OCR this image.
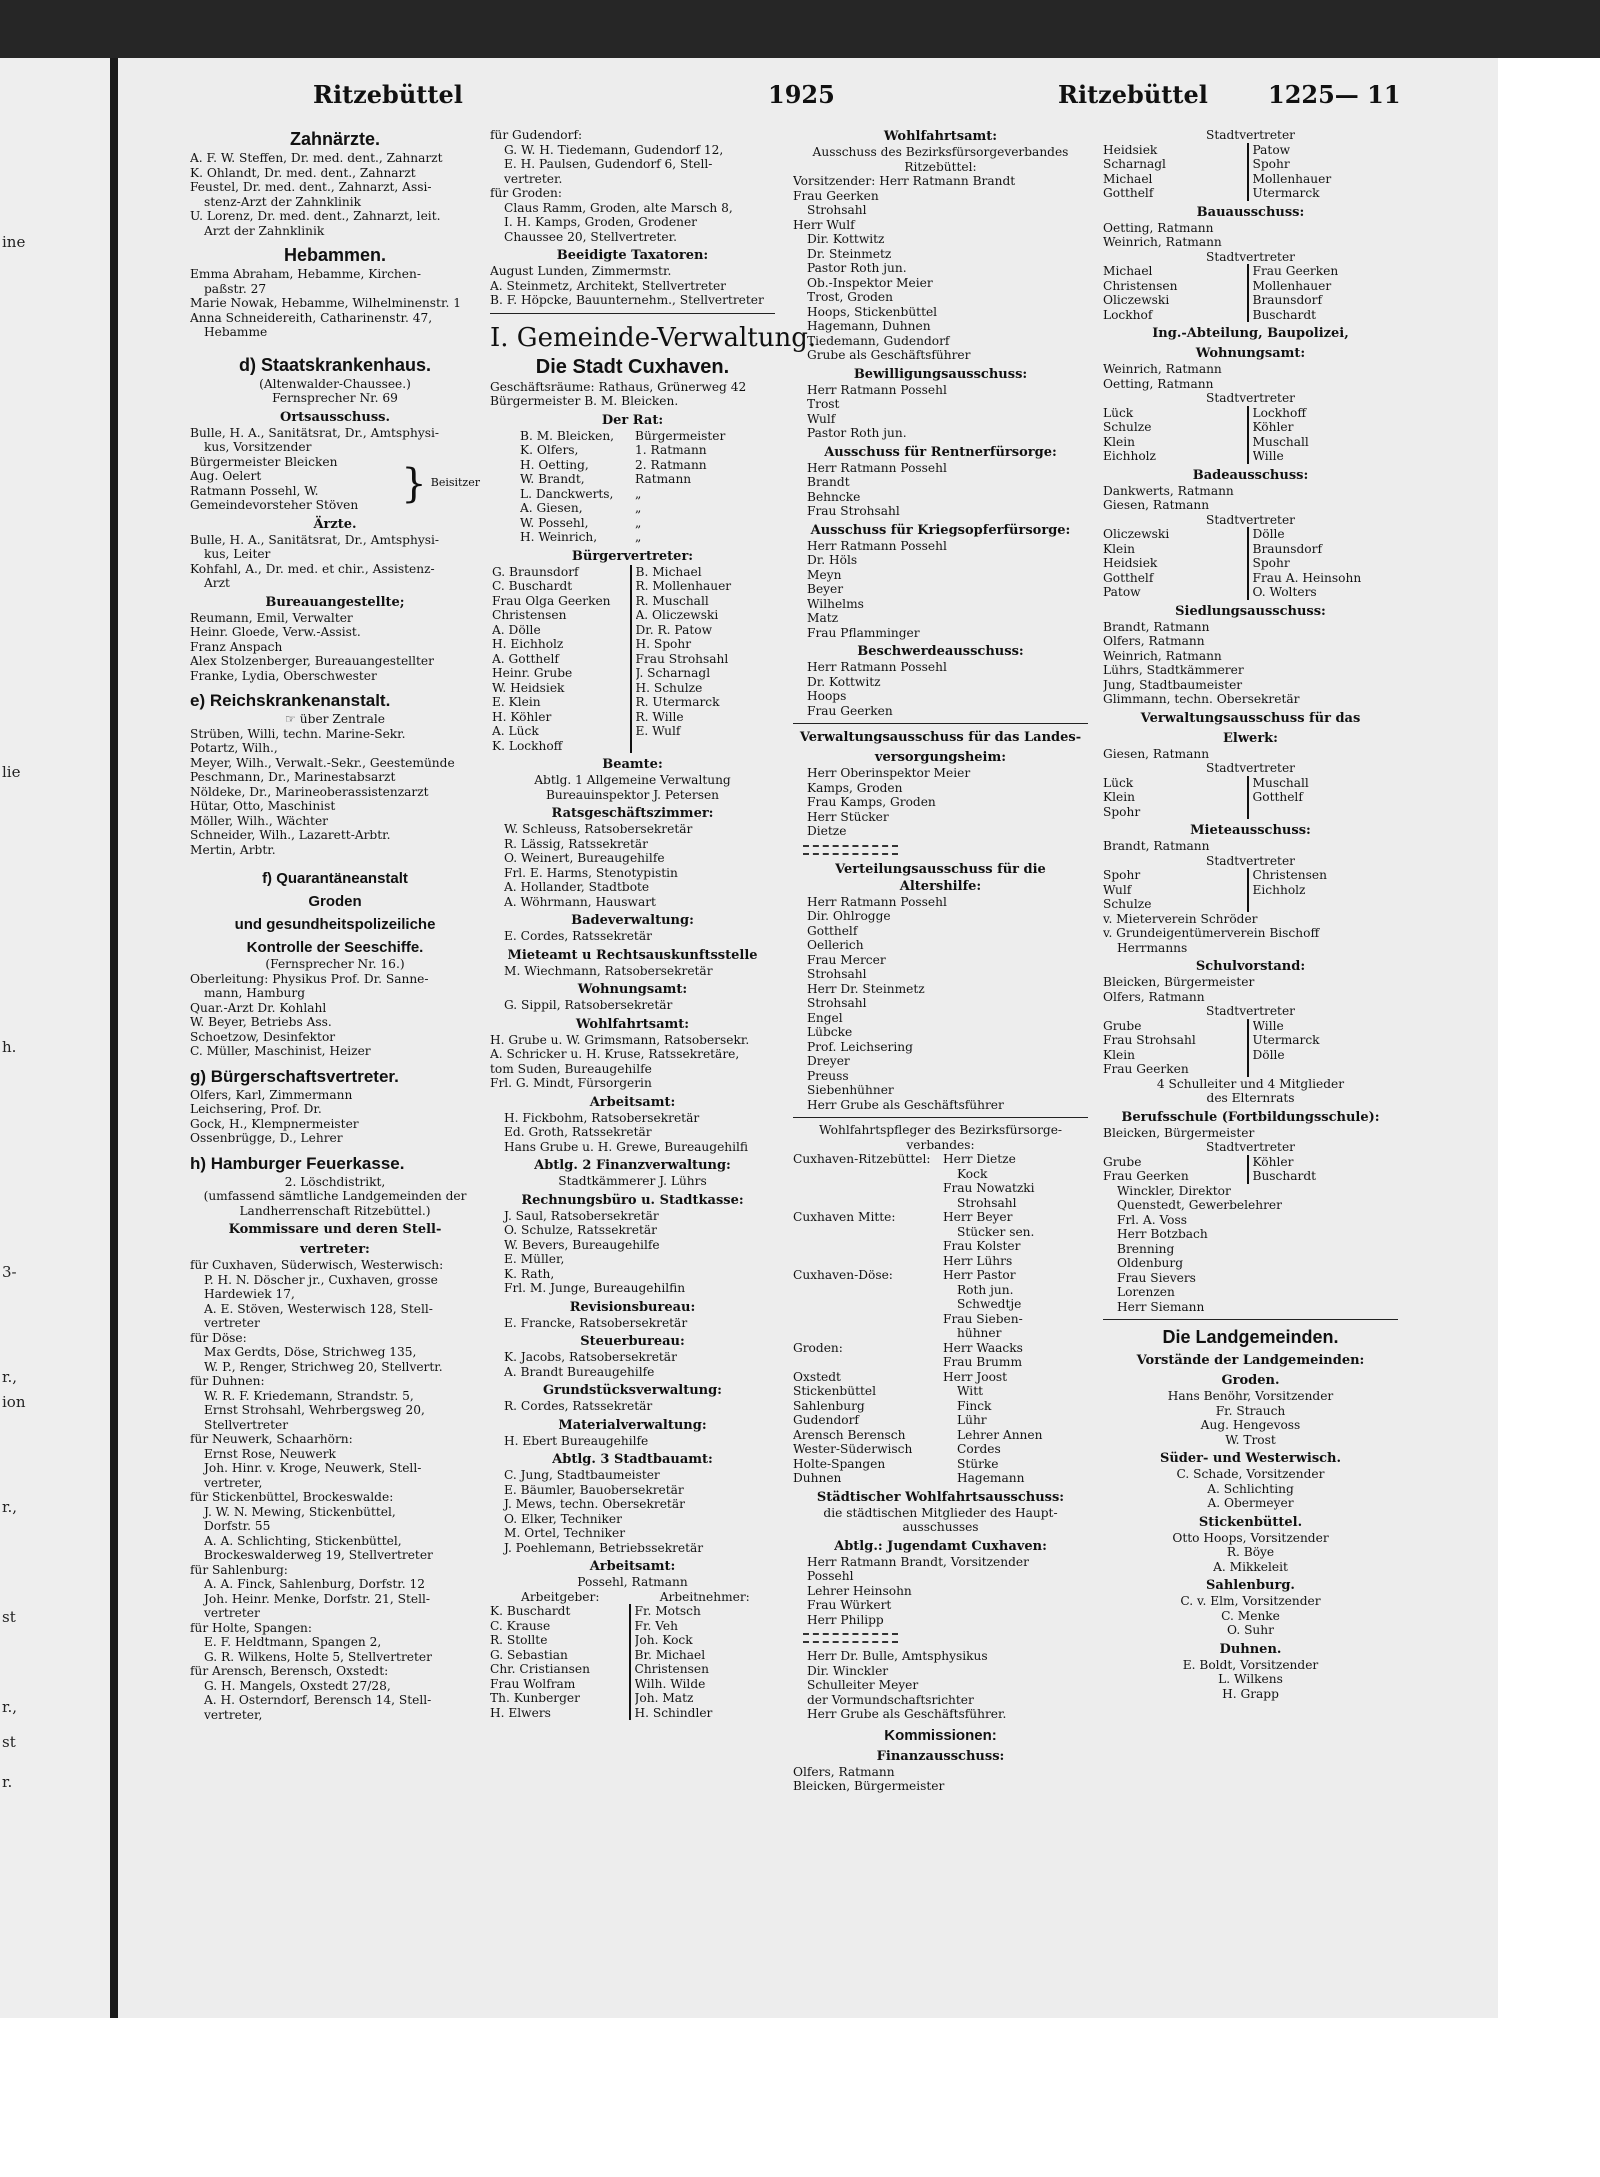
ine
lie
h.
3-
r.,
ion
r.,
st
r.,
st
r.
Ritzebüttel	1925	Ritzebüttel	1225— 11
Zahnärzte.
A. F. W. Steffen, Dr. med. dent., Zahnarzt
K. Ohlandt, Dr. med. dent., Zahnarzt
Feustel, Dr. med. dent., Zahnarzt, Assi-
stenz-Arzt der Zahnklinik
U. Lorenz, Dr. med. dent., Zahnarzt, leit.
Arzt der Zahnklinik
Hebammen.
Emma Abraham, Hebamme, Kirchen-
paßstr. 27
Marie Nowak, Hebamme, Wilhelminenstr. 1
Anna Schneidereith, Catharinenstr. 47,
Hebamme
d) Staatskrankenhaus.
(Altenwalder-Chaussee.)
Fernsprecher Nr. 69
Ortsausschuss.
Bulle, H. A., Sanitätsrat, Dr., Amtsphysi-
kus, Vorsitzender
Bürgermeister Bleicken
Aug. Oelert
Ratmann Possehl, W.
Gemeindevorsteher Stöven	} Beisitzer
Ärzte.
Bulle, H. A., Sanitätsrat, Dr., Amtsphysi-
kus, Leiter
Kohfahl, A., Dr. med. et chir., Assistenz-
Arzt
Bureauangestellte;
Reumann, Emil, Verwalter
Heinr. Gloede, Verw.-Assist.
Franz Anspach
Alex Stolzenberger, Bureauangestellter
Franke, Lydia, Oberschwester
e) Reichskrankenanstalt.
☞ über Zentrale
Strüben, Willi, techn. Marine-Sekr.
Potartz, Wilh.,
Meyer, Wilh., Verwalt.-Sekr., Geestemünde
Peschmann, Dr., Marinestabsarzt
Nöldeke, Dr., Marineoberassistenzarzt
Hütar, Otto, Maschinist
Möller, Wilh., Wächter
Schneider, Wilh., Lazarett-Arbtr.
Mertin, Arbtr.
f) Quarantäneanstalt
Groden
und gesundheitspolizeiliche
Kontrolle der Seeschiffe.
(Fernsprecher Nr. 16.)
Oberleitung: Physikus Prof. Dr. Sanne-
mann, Hamburg
Quar.-Arzt Dr. Kohlahl
W. Beyer, Betriebs Ass.
Schoetzow, Desinfektor
C. Müller, Maschinist, Heizer
g) Bürgerschaftsvertreter.
Olfers, Karl, Zimmermann
Leichsering, Prof. Dr.
Gock, H., Klempnermeister
Ossenbrügge, D., Lehrer
h) Hamburger Feuerkasse.
2. Löschdistrikt,
(umfassend sämtliche Landgemeinden der
Landherrenschaft Ritzebüttel.)
Kommissare und deren Stell-
vertreter:
für Cuxhaven, Süderwisch, Westerwisch:
P. H. N. Döscher jr., Cuxhaven, grosse
Hardewiek 17,
A. E. Stöven, Westerwisch 128, Stell-
vertreter
für Döse:
Max Gerdts, Döse, Strichweg 135,
W. P., Renger, Strichweg 20, Stellvertr.
für Duhnen:
W. R. F. Kriedemann, Strandstr. 5,
Ernst Strohsahl, Wehrbergsweg 20,
Stellvertreter
für Neuwerk, Schaarhörn:
Ernst Rose, Neuwerk
Joh. Hinr. v. Kroge, Neuwerk, Stell-
vertreter,
für Stickenbüttel, Brockeswalde:
J. W. N. Mewing, Stickenbüttel,
Dorfstr. 55
A. A. Schlichting, Stickenbüttel,
Brockeswalderweg 19, Stellvertreter
für Sahlenburg:
A. A. Finck, Sahlenburg, Dorfstr. 12
Joh. Heinr. Menke, Dorfstr. 21, Stell-
vertreter
für Holte, Spangen:
E. F. Heldtmann, Spangen 2,
G. R. Wilkens, Holte 5, Stellvertreter
für Arensch, Berensch, Oxstedt:
G. H. Mangels, Oxstedt 27/28,
A. H. Osterndorf, Berensch 14, Stell-
vertreter,
für Gudendorf:
G. W. H. Tiedemann, Gudendorf 12,
E. H. Paulsen, Gudendorf 6, Stell-
vertreter.
für Groden:
Claus Ramm, Groden, alte Marsch 8,
I. H. Kamps, Groden, Grodener
Chaussee 20, Stellvertreter.
Beeidigte Taxatoren:
August Lunden, Zimmermstr.
A. Steinmetz, Architekt, Stellvertreter
B. F. Höpcke, Bauunternehm., Stellvertreter
I. Gemeinde-Verwaltung.
Die Stadt Cuxhaven.
Geschäftsräume: Rathaus, Grünerweg 42
Bürgermeister B. M. Bleicken.
Der Rat:
B. M. Bleicken,	Bürgermeister
K. Olfers,	1. Ratmann
H. Oetting,	2. Ratmann
W. Brandt,	Ratmann
L. Danckwerts,	„
A. Giesen,	„
W. Possehl,	„
H. Weinrich,	„
Bürgervertreter:
G. Braunsdorf	B. Michael
C. Buschardt	R. Mollenhauer
Frau Olga Geerken	R. Muschall
Christensen	A. Oliczewski
A. Dölle	Dr. R. Patow
H. Eichholz	H. Spohr
A. Gotthelf	Frau Strohsahl
Heinr. Grube	J. Scharnagl
W. Heidsiek	H. Schulze
E. Klein	R. Utermarck
H. Köhler	R. Wille
A. Lück	E. Wulf
K. Lockhoff
Beamte:
Abtlg. 1 Allgemeine Verwaltung
Bureauinspektor J. Petersen
Ratsgeschäftszimmer:
W. Schleuss, Ratsobersekretär
R. Lässig, Ratssekretär
O. Weinert, Bureaugehilfe
Frl. E. Harms, Stenotypistin
A. Hollander, Stadtbote
A. Wöhrmann, Hauswart
Badeverwaltung:
E. Cordes, Ratssekretär
Mieteamt u Rechtsauskunftsstelle
M. Wiechmann, Ratsobersekretär
Wohnungsamt:
G. Sippil, Ratsobersekretär
Wohlfahrtsamt:
H. Grube u. W. Grimsmann, Ratsobersekr.
A. Schricker u. H. Kruse, Ratssekretäre,
tom Suden, Bureaugehilfe
Frl. G. Mindt, Fürsorgerin
Arbeitsamt:
H. Fickbohm, Ratsobersekretär
Ed. Groth, Ratssekretär
Hans Grube u. H. Grewe, Bureaugehilfi
Abtlg. 2 Finanzverwaltung:
Stadtkämmerer J. Lührs
Rechnungsbüro u. Stadtkasse:
J. Saul, Ratsobersekretär
O. Schulze, Ratssekretär
W. Bevers, Bureaugehilfe
E. Müller,
K. Rath,
Frl. M. Junge, Bureaugehilfin
Revisionsbureau:
E. Francke, Ratsobersekretär
Steuerbureau:
K. Jacobs, Ratsobersekretär
A. Brandt Bureaugehilfe
Grundstücksverwaltung:
R. Cordes, Ratssekretär
Materialverwaltung:
H. Ebert Bureaugehilfe
Abtlg. 3 Stadtbauamt:
C. Jung, Stadtbaumeister
E. Bäumler, Bauobersekretär
J. Mews, techn. Obersekretär
O. Elker, Techniker
M. Ortel, Techniker
J. Poehlemann, Betriebssekretär
Arbeitsamt:
Possehl, Ratmann
Arbeitgeber:	Arbeitnehmer:
K. Buschardt	Fr. Motsch
C. Krause	Fr. Veh
R. Stollte	Joh. Kock
G. Sebastian	Br. Michael
Chr. Cristiansen	Christensen
Frau Wolfram	Wilh. Wilde
Th. Kunberger	Joh. Matz
H. Elwers	H. Schindler
Wohlfahrtsamt:
Ausschuss des Bezirksfürsorgeverbandes
Ritzebüttel:
Vorsitzender: Herr Ratmann Brandt
Frau Geerken
Strohsahl
Herr Wulf
Dir. Kottwitz
Dr. Steinmetz
Pastor Roth jun.
Ob.-Inspektor Meier
Trost, Groden
Hoops, Stickenbüttel
Hagemann, Duhnen
Tiedemann, Gudendorf
Grube als Geschäftsführer
Bewilligungsausschuss:
Herr Ratmann Possehl
Trost
Wulf
Pastor Roth jun.
Ausschuss für Rentnerfürsorge:
Herr Ratmann Possehl
Brandt
Behncke
Frau Strohsahl
Ausschuss für Kriegsopferfürsorge:
Herr Ratmann Possehl
Dr. Höls
Meyn
Beyer
Wilhelms
Matz
Frau Pflamminger
Beschwerdeausschuss:
Herr Ratmann Possehl
Dr. Kottwitz
Hoops
Frau Geerken
Verwaltungsausschuss für das Landes-
versorgungsheim:
Herr Oberinspektor Meier
Kamps, Groden
Frau Kamps, Groden
Herr Stücker
Dietze
Verteilungsausschuss für die Altershilfe:
Herr Ratmann Possehl
Dir. Ohlrogge
Gotthelf
Oellerich
Frau Mercer
Strohsahl
Herr Dr. Steinmetz
Strohsahl
Engel
Lübcke
Prof. Leichsering
Dreyer
Preuss
Siebenhühner
Herr Grube als Geschäftsführer
Wohlfahrtspfleger des Bezirksfürsorge-
verbandes:
Cuxhaven-Ritzebüttel:	Herr Dietze
Kock
Frau Nowatzki
Strohsahl
Cuxhaven Mitte:	Herr Beyer
Stücker sen.
Frau Kolster
Herr Lührs
Cuxhaven-Döse:	Herr Pastor
Roth jun.
Schwedtje
Frau Sieben-
hühner
Groden:	Herr Waacks
Frau Brumm
Oxstedt	Herr Joost
Stickenbüttel	Witt
Sahlenburg	Finck
Gudendorf	Lühr
Arensch Berensch	Lehrer Annen
Wester-Süderwisch	Cordes
Holte-Spangen	Stürke
Duhnen	Hagemann
Städtischer Wohlfahrtsausschuss:
die städtischen Mitglieder des Haupt-
ausschusses
Abtlg.: Jugendamt Cuxhaven:
Herr Ratmann Brandt, Vorsitzender
Possehl
Lehrer Heinsohn
Frau Würkert
Herr Philipp
Herr Dr. Bulle, Amtsphysikus
Dir. Winckler
Schulleiter Meyer
der Vormundschaftsrichter
Herr Grube als Geschäftsführer.
Kommissionen:
Finanzausschuss:
Olfers, Ratmann
Bleicken, Bürgermeister
Stadtvertreter
Heidsiek	Patow
Scharnagl	Spohr
Michael	Mollenhauer
Gotthelf	Utermarck
Bauausschuss:
Oetting, Ratmann
Weinrich, Ratmann
Stadtvertreter
Michael	Frau Geerken
Christensen	Mollenhauer
Oliczewski	Braunsdorf
Lockhof	Buschardt
Ing.-Abteilung, Baupolizei,
Wohnungsamt:
Weinrich, Ratmann
Oetting, Ratmann
Stadtvertreter
Lück	Lockhoff
Schulze	Köhler
Klein	Muschall
Eichholz	Wille
Badeausschuss:
Dankwerts, Ratmann
Giesen, Ratmann
Stadtvertreter
Oliczewski	Dölle
Klein	Braunsdorf
Heidsiek	Spohr
Gotthelf	Frau A. Heinsohn
Patow	O. Wolters
Siedlungsausschuss:
Brandt, Ratmann
Olfers, Ratmann
Weinrich, Ratmann
Lührs, Stadtkämmerer
Jung, Stadtbaumeister
Glimmann, techn. Obersekretär
Verwaltungsausschuss für das
Elwerk:
Giesen, Ratmann
Stadtvertreter
Lück	Muschall
Klein	Gotthelf
Spohr
Mieteausschuss:
Brandt, Ratmann
Stadtvertreter
Spohr	Christensen
Wulf	Eichholz
Schulze
v. Mieterverein Schröder
v. Grundeigentümerverein Bischoff
Herrmanns
Schulvorstand:
Bleicken, Bürgermeister
Olfers, Ratmann
Stadtvertreter
Grube	Wille
Frau Strohsahl	Utermarck
Klein	Dölle
Frau Geerken
4 Schulleiter und 4 Mitglieder
des Elternrats
Berufsschule (Fortbildungsschule):
Bleicken, Bürgermeister
Stadtvertreter
Grube	Köhler
Frau Geerken	Buschardt
Winckler, Direktor
Quenstedt, Gewerbelehrer
Frl. A. Voss
Herr Botzbach
Brenning
Oldenburg
Frau Sievers
Lorenzen
Herr Siemann
Die Landgemeinden.
Vorstände der Landgemeinden:
Groden.
Hans Benöhr, Vorsitzender
Fr. Strauch
Aug. Hengevoss
W. Trost
Süder- und Westerwisch.
C. Schade, Vorsitzender
A. Schlichting
A. Obermeyer
Stickenbüttel.
Otto Hoops, Vorsitzender
R. Böye
A. Mikkeleit
Sahlenburg.
C. v. Elm, Vorsitzender
C. Menke
O. Suhr
Duhnen.
E. Boldt, Vorsitzender
L. Wilkens
H. Grapp
